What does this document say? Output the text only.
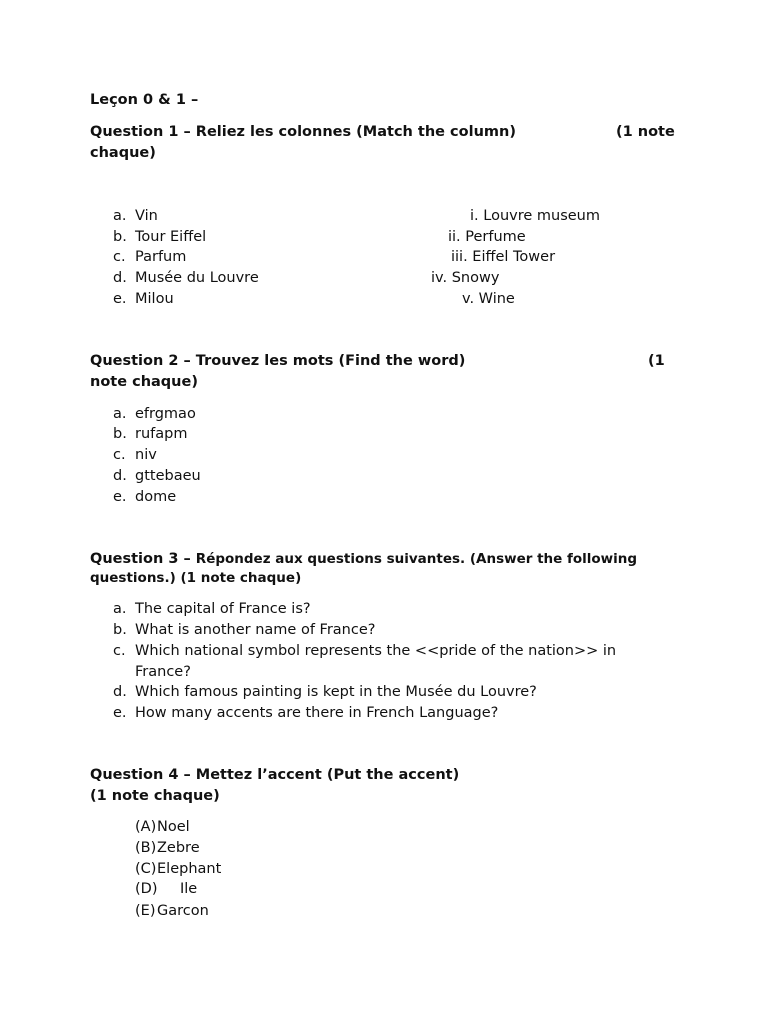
Leçon 0 & 1 –
Question 1 – Reliez les colonnes (Match the column)	(1 note
chaque)
a. Vin
b. Tour Eiffel
c. Parfum
d. Musée du Louvre
e. Milou
i. Louvre museum
ii. Perfume
iii. Eiffel Tower
iv. Snowy
v. Wine
Question 2 – Trouvez les mots (Find the word)	(1
note chaque)
a. efrgmao
b. rufapm
c. niv
d. gttebaeu
e. dome
Question 3 – Répondez aux questions suivantes. (Answer the following
questions.) (1 note chaque)
a. The capital of France is?
b. What is another name of France?
c. Which national symbol represents the <<pride of the nation>> in
France?
d. Which famous painting is kept in the Musée du Louvre?
e. How many accents are there in French Language?
Question 4 – Mettez l’accent (Put the accent)
(1 note chaque)
(A)Noel
(B)Zebre
(C)Elephant
(D) Ile
(E) Garcon
